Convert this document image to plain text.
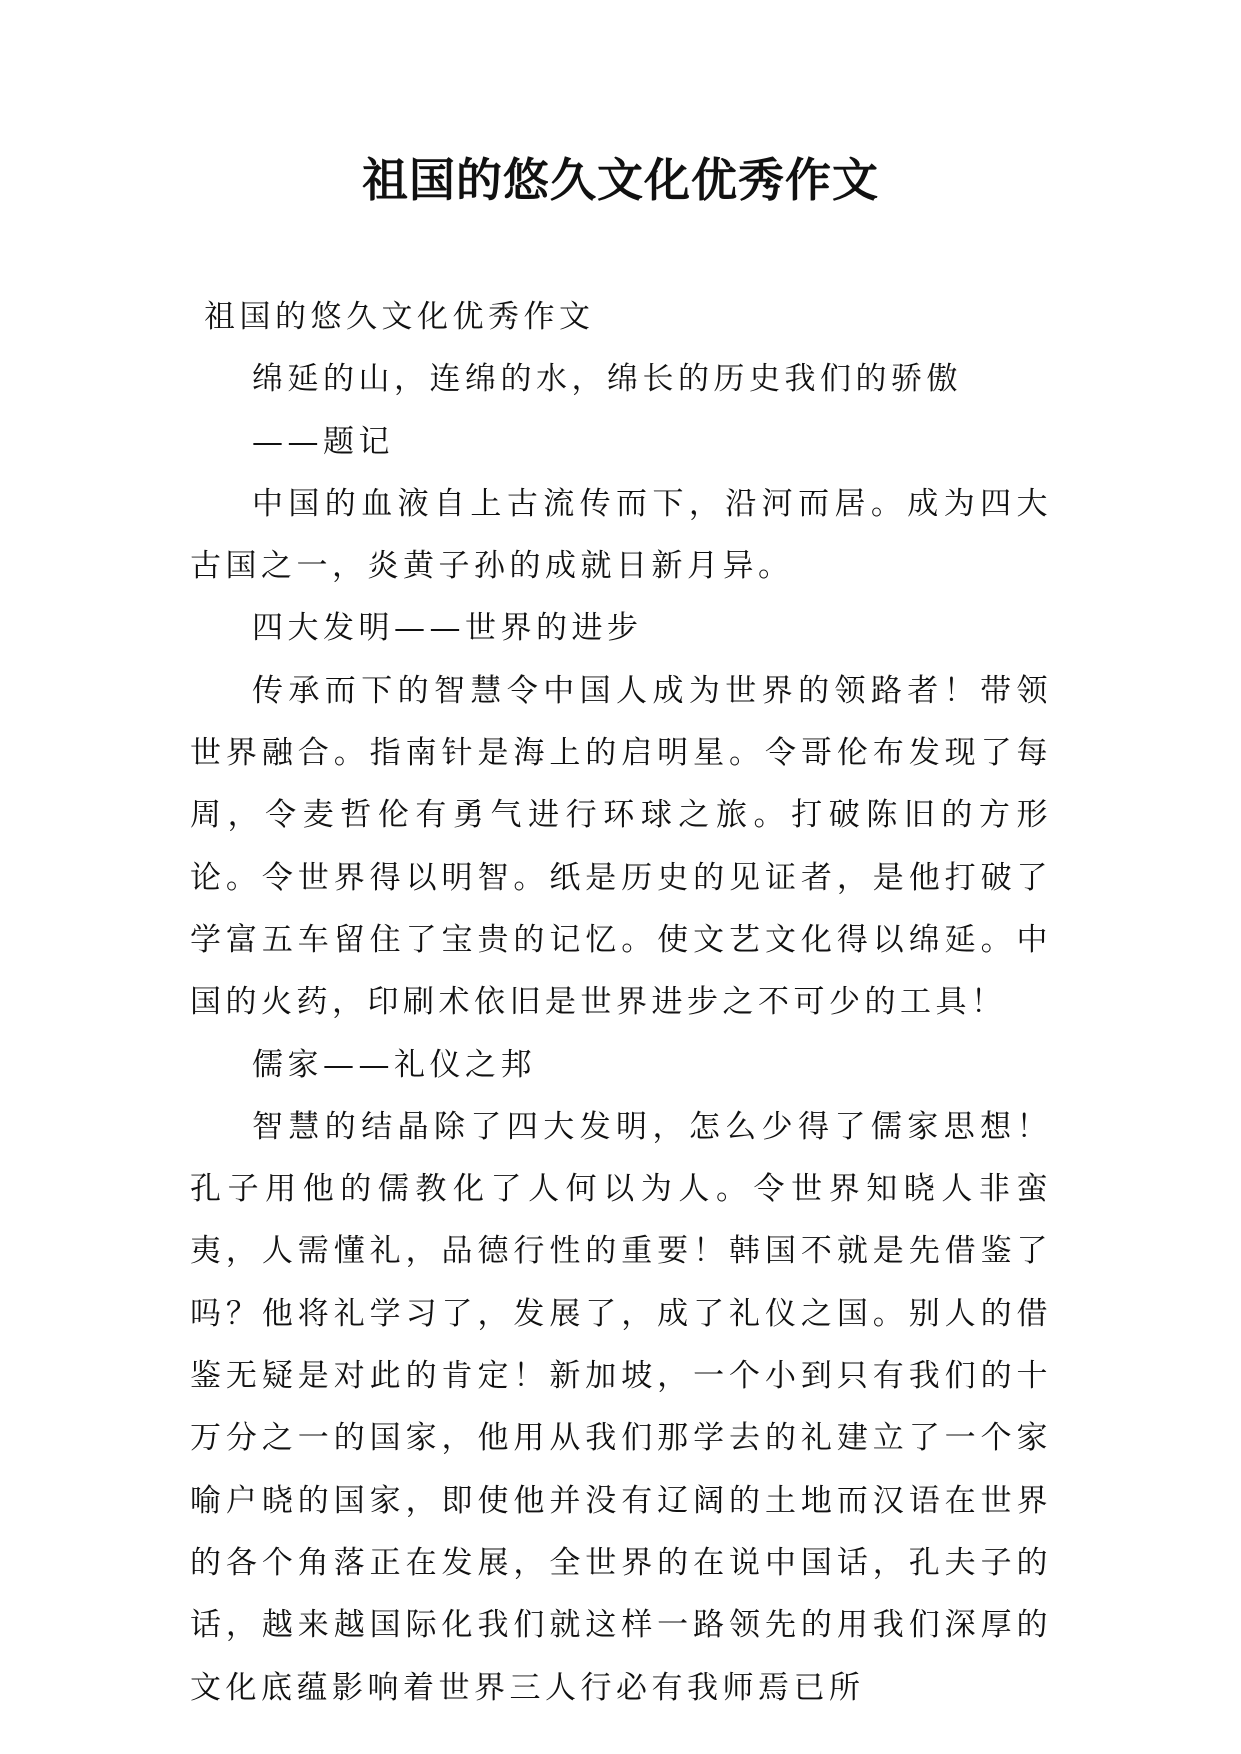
祖国的悠久文化优秀作文

祖国的悠久文化优秀作文

绵延的山，连绵的水，绵长的历史我们的骄傲

——题记

中国的血液自上古流传而下，沿河而居。成为四大古国之一，炎黄子孙的成就日新月异。

四大发明——世界的进步

传承而下的智慧令中国人成为世界的领路者！带领世界融合。指南针是海上的启明星。令哥伦布发现了每周，令麦哲伦有勇气进行环球之旅。打破陈旧的方形论。令世界得以明智。纸是历史的见证者，是他打破了学富五车留住了宝贵的记忆。使文艺文化得以绵延。中国的火药，印刷术依旧是世界进步之不可少的工具！

儒家——礼仪之邦

智慧的结晶除了四大发明，怎么少得了儒家思想！孔子用他的儒教化了人何以为人。令世界知晓人非蛮夷，人需懂礼，品德行性的重要！韩国不就是先借鉴了吗？他将礼学习了，发展了，成了礼仪之国。别人的借鉴无疑是对此的肯定！新加坡，一个小到只有我们的十万分之一的国家，他用从我们那学去的礼建立了一个家喻户晓的国家，即使他并没有辽阔的土地而汉语在世界的各个角落正在发展，全世界的在说中国话，孔夫子的话，越来越国际化我们就这样一路领先的用我们深厚的文化底蕴影响着世界三人行必有我师焉已所
